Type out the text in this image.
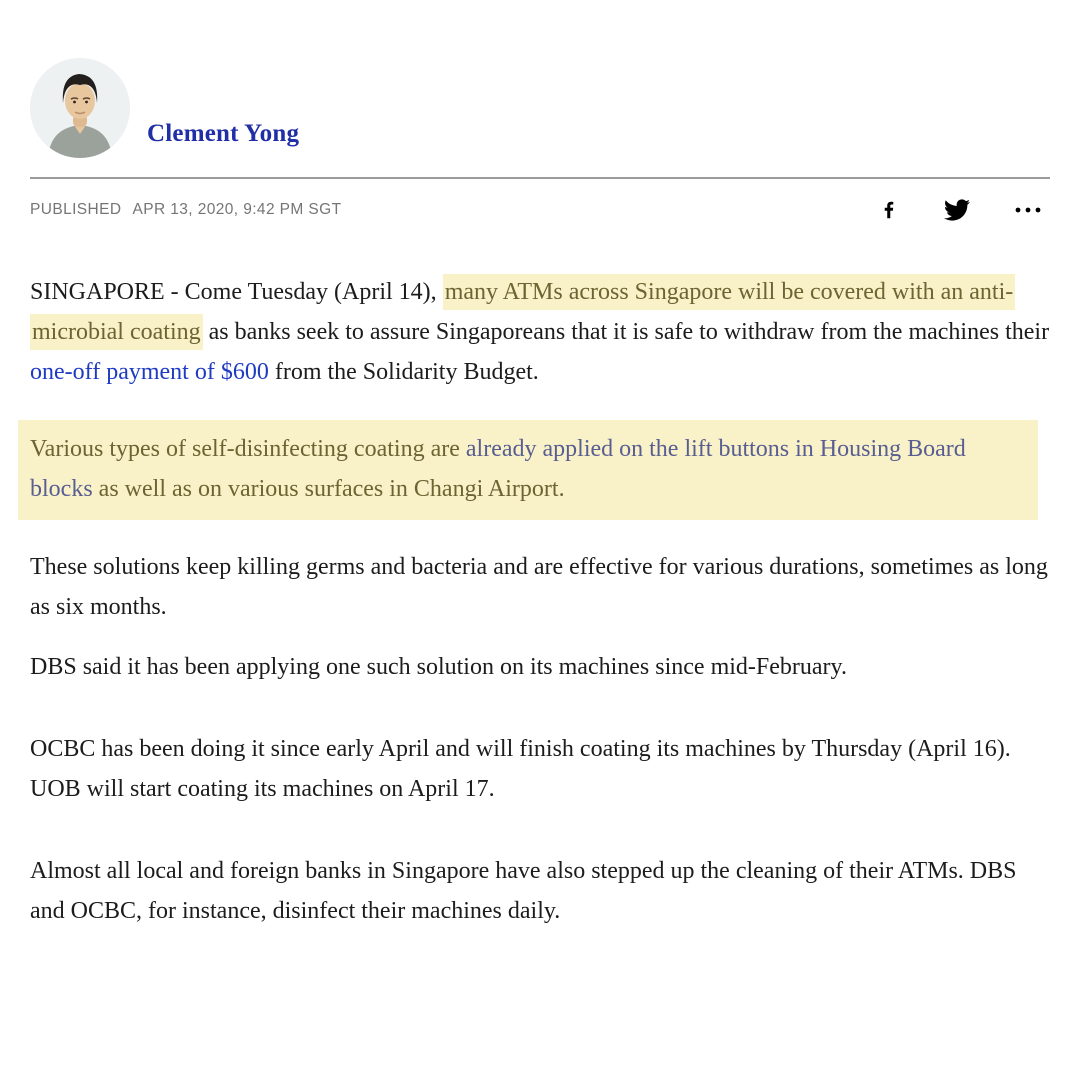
Clement Yong
PUBLISHED APR 13, 2020, 9:42 PM SGT

SINGAPORE - Come Tuesday (April 14), many ATMs across Singapore will be covered with an anti-microbial coating as banks seek to assure Singaporeans that it is safe to withdraw from the machines their one-off payment of $600 from the Solidarity Budget.

Various types of self-disinfecting coating are already applied on the lift buttons in Housing Board blocks as well as on various surfaces in Changi Airport.

These solutions keep killing germs and bacteria and are effective for various durations, sometimes as long as six months.

DBS said it has been applying one such solution on its machines since mid-February.

OCBC has been doing it since early April and will finish coating its machines by Thursday (April 16). UOB will start coating its machines on April 17.

Almost all local and foreign banks in Singapore have also stepped up the cleaning of their ATMs. DBS and OCBC, for instance, disinfect their machines daily.
